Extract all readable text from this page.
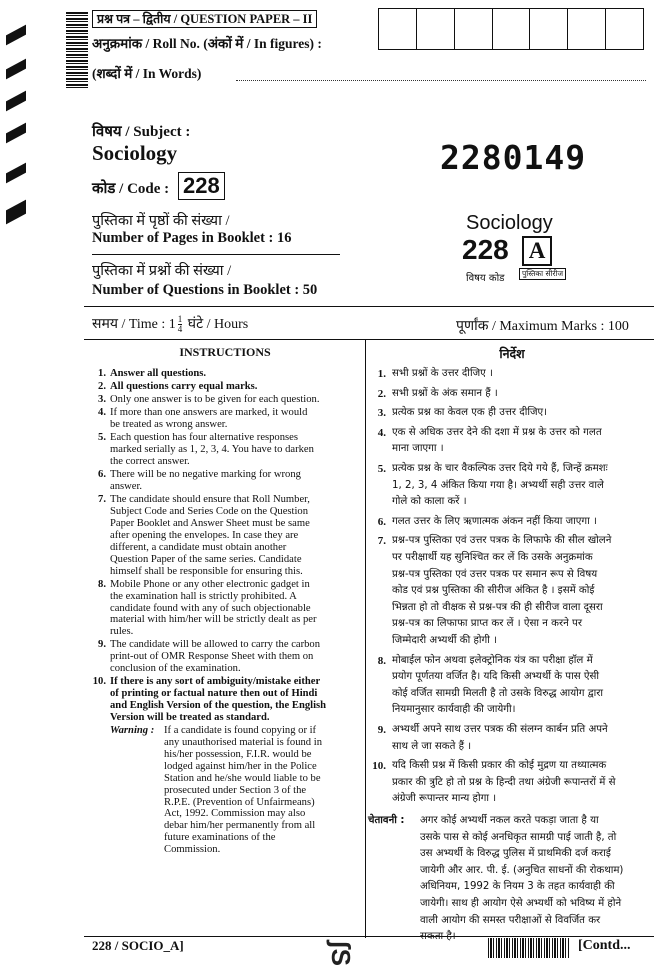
प्रश्न पत्र – द्वितीय / QUESTION PAPER – II
अनुक्रमांक / Roll No. (अंकों में / In figures) :
(शब्दों में / In Words)
विषय / Subject :
Sociology	2280149
कोड / Code : 228
पुस्तिका में पृष्ठों की संख्या /
Number of Pages in Booklet : 16
पुस्तिका में प्रश्नों की संख्या /
Number of Questions in Booklet : 50
Sociology
228 A
विषय कोड	पुस्तिका सीरीज
समय / Time : $1 \frac{1}{4}$ घंटे / Hours	पूर्णांक / Maximum Marks : 100
INSTRUCTIONS
1. Answer all questions.
2. All questions carry equal marks.
3. Only one answer is to be given for each question.
4. If more than one answers are marked, it would
be treated as wrong answer.
5. Each question has four alternative responses
marked serially as 1, 2, 3, 4. You have to darken
the correct answer.
6. There will be no negative marking for wrong
answer.
7. The candidate should ensure that Roll Number,
Subject Code and Series Code on the Question
Paper Booklet and Answer Sheet must be same
after opening the envelopes. In case they are
different, a candidate must obtain another
Question Paper of the same series. Candidate
himself shall be responsible for ensuring this.
8. Mobile Phone or any other electronic gadget in
the examination hall is strictly prohibited. A
candidate found with any of such objectionable
material with him/her will be strictly dealt as per
rules.
9. The candidate will be allowed to carry the carbon
print-out of OMR Response Sheet with them on
conclusion of the examination.
10. If there is any sort of ambiguity/mistake either
of printing or factual nature then out of Hindi
and English Version of the question, the English
Version will be treated as standard.
Warning : If a candidate is found copying or if
any unauthorised material is found in
his/her possession, F.I.R. would be
lodged against him/her in the Police
Station and he/she would liable to be
prosecuted under Section 3 of the
R.P.E. (Prevention of Unfairmeans)
Act, 1992. Commission may also
debar him/her permanently from all
future examinations of the
Commission.
निर्देश
1. सभी प्रश्नों के उत्तर दीजिए ।
2. सभी प्रश्नों के अंक समान हैं ।
3. प्रत्येक प्रश्न का केवल एक ही उत्तर दीजिए।
4. एक से अधिक उत्तर देने की दशा में प्रश्न के उत्तर को गलत
माना जाएगा ।
5. प्रत्येक प्रश्न के चार वैकल्पिक उत्तर दिये गये हैं, जिन्हें क्रमशः
1, 2, 3, 4 अंकित किया गया है। अभ्यर्थी सही उत्तर वाले
गोले को काला करें ।
6. गलत उत्तर के लिए ऋणात्मक अंकन नहीं किया जाएगा ।
7. प्रश्न-पत्र पुस्तिका एवं उत्तर पत्रक के लिफाफे की सील खोलने
पर परीक्षार्थी यह सुनिश्चित कर लें कि उसके अनुक्रमांक
प्रश्न-पत्र पुस्तिका एवं उत्तर पत्रक पर समान रूप से विषय
कोड एवं प्रश्न पुस्तिका की सीरीज अंकित है । इसमें कोई
भिन्नता हो तो वीक्षक से प्रश्न-पत्र की ही सीरीज वाला दूसरा
प्रश्न-पत्र का लिफाफा प्राप्त कर लें । ऐसा न करने पर
जिम्मेदारी अभ्यर्थी की होगी ।
8. मोबाईल फोन अथवा इलेक्ट्रोनिक यंत्र का परीक्षा हॉल में
प्रयोग पूर्णतया वर्जित है। यदि किसी अभ्यर्थी के पास ऐसी
कोई वर्जित सामग्री मिलती है तो उसके विरुद्ध आयोग द्वारा
नियमानुसार कार्यवाही की जायेगी।
9. अभ्यर्थी अपने साथ उत्तर पत्रक की संलग्न कार्बन प्रति अपने
साथ ले जा सकते हैं ।
10. यदि किसी प्रश्न में किसी प्रकार की कोई मुद्रण या तथ्यात्मक
प्रकार की त्रुटि हो तो प्रश्न के हिन्दी तथा अंग्रेजी रूपान्तरों में से
अंग्रेजी रूपान्तर मान्य होगा ।
चेतावनी : अगर कोई अभ्यर्थी नकल करते पकड़ा जाता है या
उसके पास से कोई अनधिकृत सामग्री पाई जाती है, तो
उस अभ्यर्थी के विरुद्ध पुलिस में प्राथमिकी दर्ज कराई
जायेगी और आर. पी. ई. (अनुचित साधनों की रोकथाम)
अधिनियम, 1992 के नियम 3 के तहत कार्यवाही की
जायेगी। साथ ही आयोग ऐसे अभ्यर्थी को भविष्य में होने
वाली आयोग की समस्त परीक्षाओं से विवर्जित कर
सकता है।
228 / SOCIO_A]	ʃS	[Contd...
